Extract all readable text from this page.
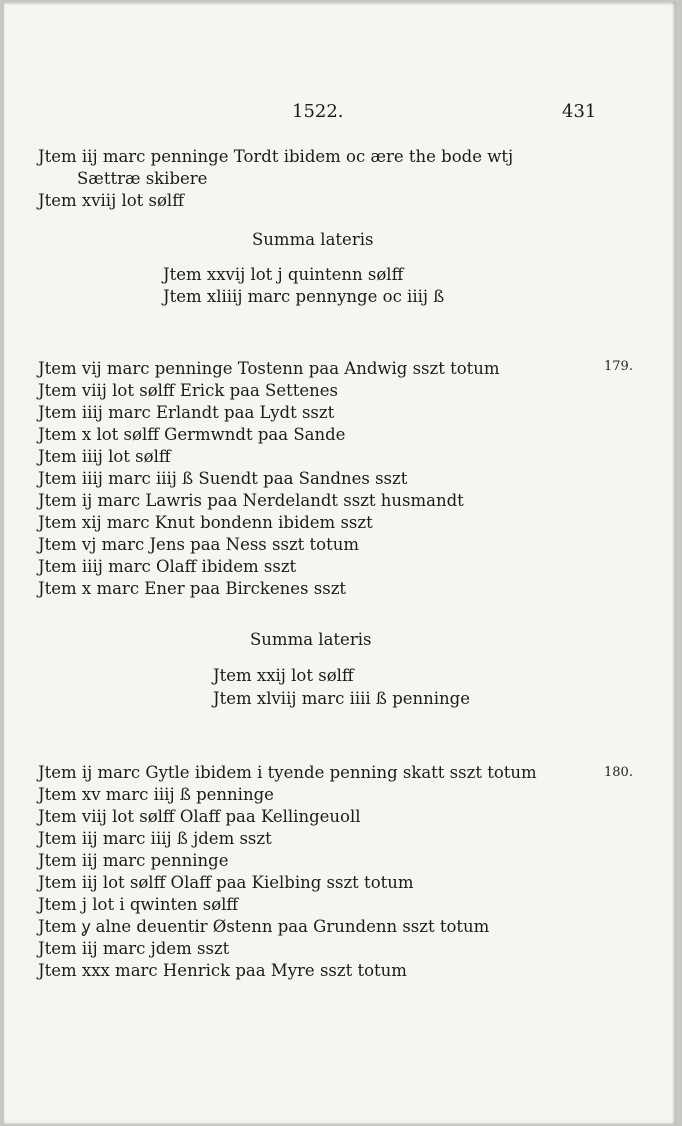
1522.	431
Jtem iij marc penninge Tordt ibidem oc ære the bode wtj
Sættræ skibere
Jtem xviij lot sølff
Summa lateris
Jtem xxvij lot j quintenn sølff
Jtem xliiij marc pennynge oc iiij ß
179.
Jtem vij marc penninge Tostenn paa Andwig sszt totum
Jtem viij lot sølff Erick paa Settenes
Jtem iiij marc Erlandt paa Lydt sszt
Jtem x lot sølff Germwndt paa Sande
Jtem iiij lot sølff
Jtem iiij marc iiij ß Suendt paa Sandnes sszt
Jtem ij marc Lawris paa Nerdelandt sszt husmandt
Jtem xij marc Knut bondenn ibidem sszt
Jtem vj marc Jens paa Ness sszt totum
Jtem iiij marc Olaff ibidem sszt
Jtem x marc Ener paa Birckenes sszt
Summa lateris
Jtem xxij lot sølff
Jtem xlviij marc iiii ß penninge
180.
Jtem ij marc Gytle ibidem i tyende penning skatt sszt totum
Jtem xv marc iiij ß penninge
Jtem viij lot sølff Olaff paa Kellingeuoll
Jtem iij marc iiij ß jdem sszt
Jtem iij marc penninge
Jtem iij lot sølff Olaff paa Kielbing sszt totum
Jtem j lot i qwinten sølff
Jtem ỿ alne deuentir Østenn paa Grundenn sszt totum
Jtem iij marc jdem sszt
Jtem xxx marc Henrick paa Myre sszt totum
